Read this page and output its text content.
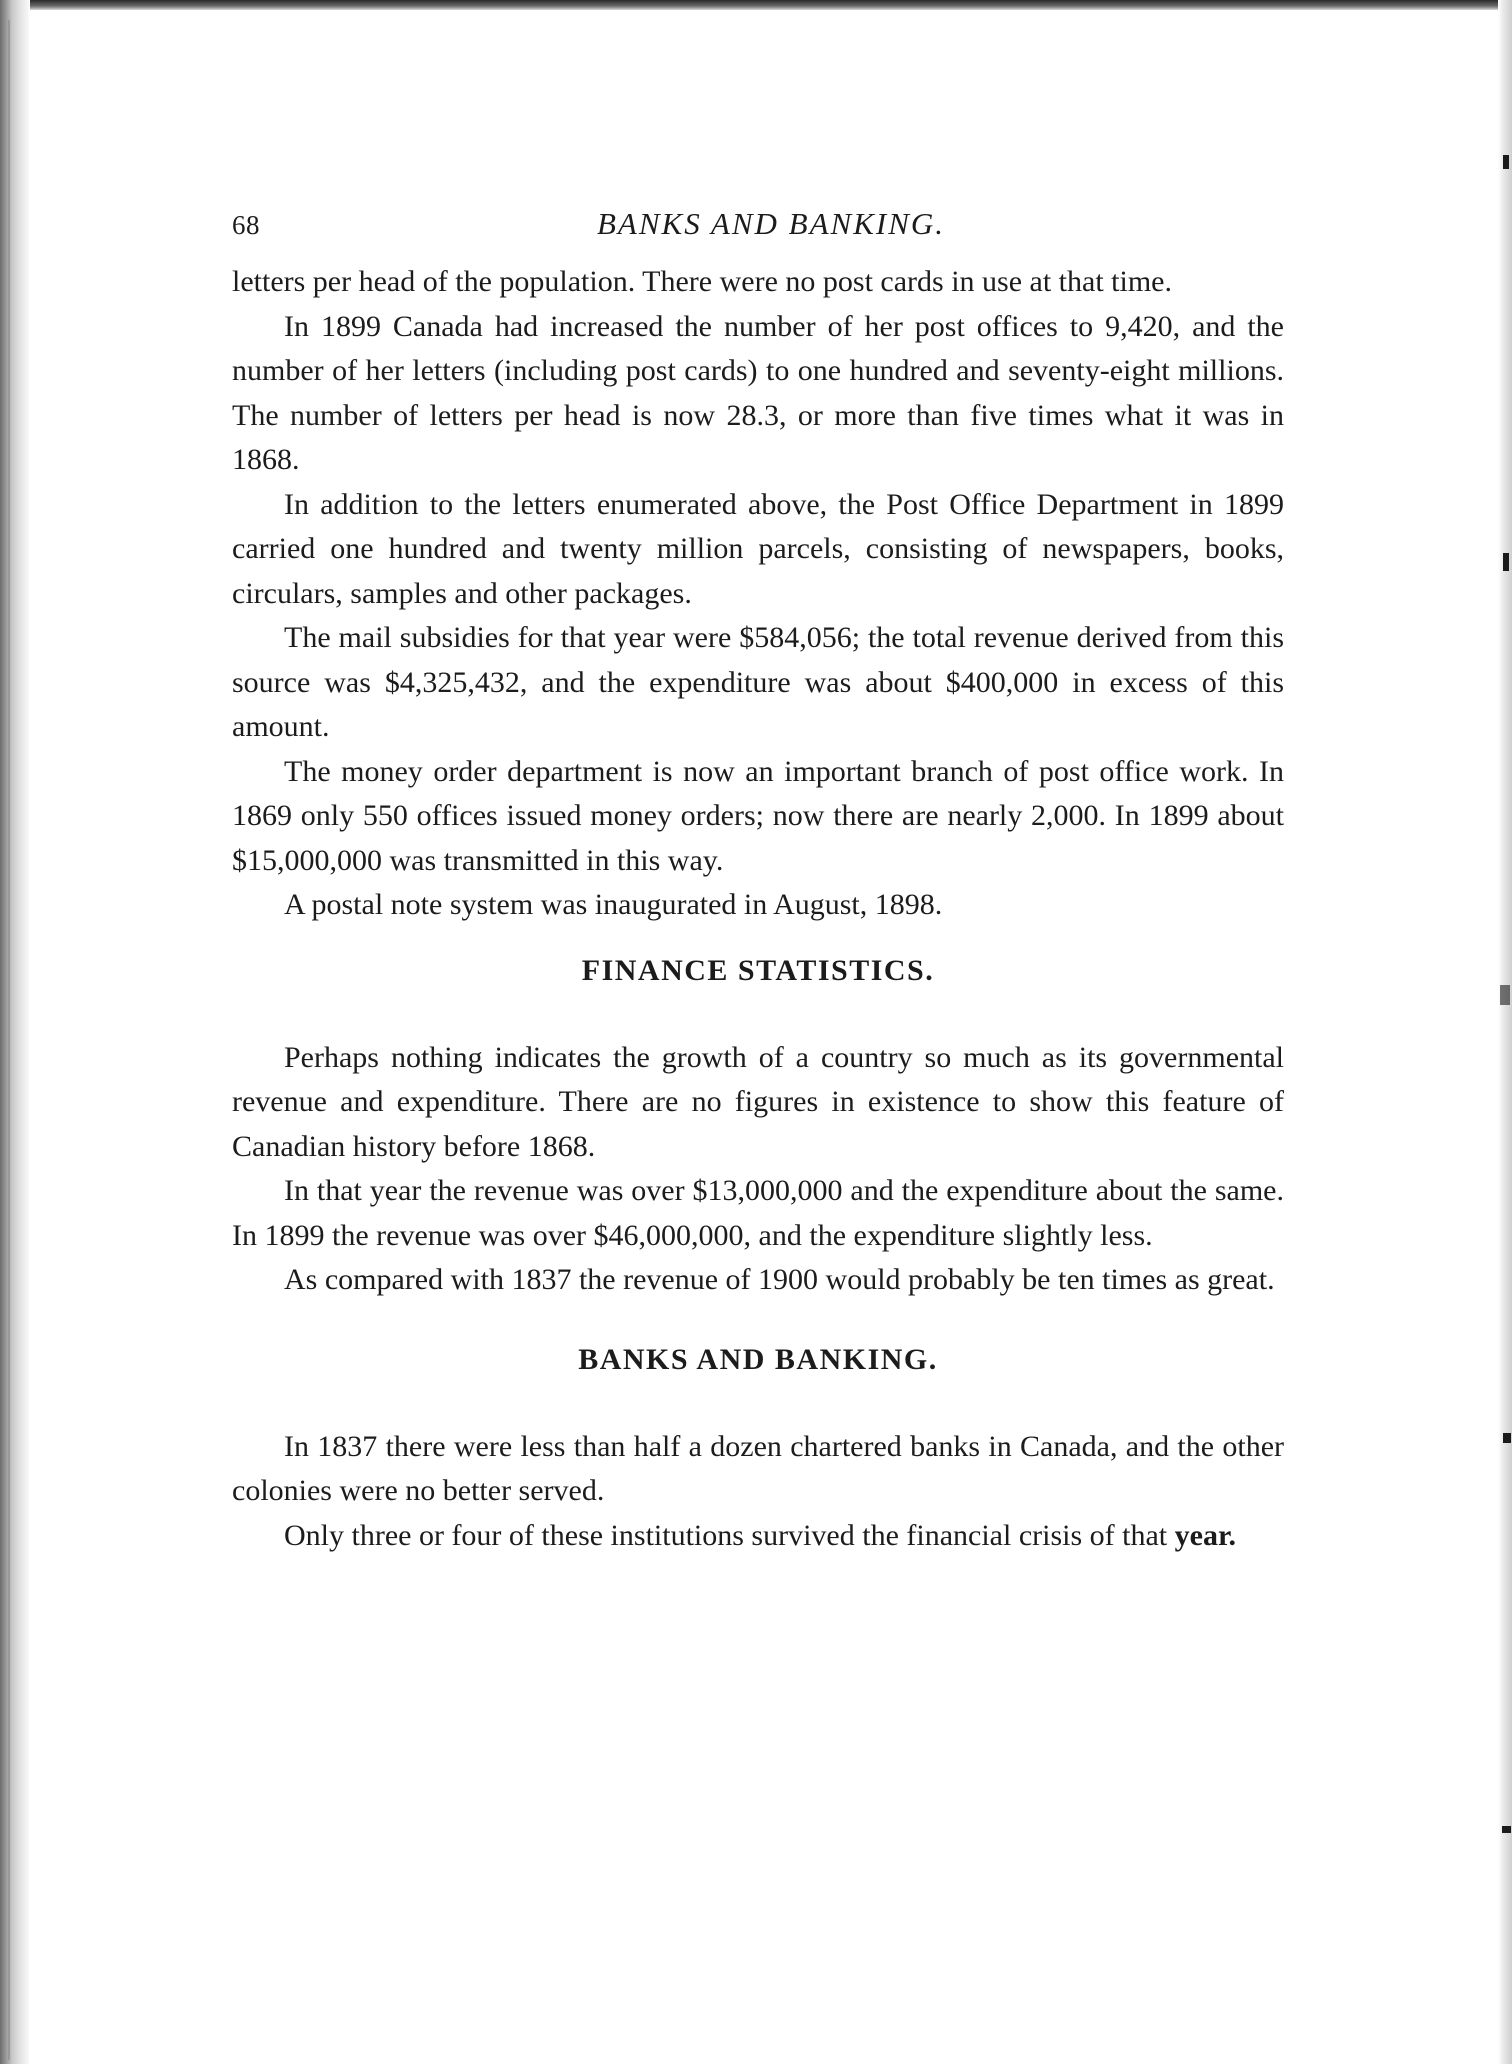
68	BANKS AND BANKING.

letters per head of the population. There were no post cards in use at that time.

In 1899 Canada had increased the number of her post offices to 9,420, and the number of her letters (including post cards) to one hundred and seventy-eight millions. The number of letters per head is now 28.3, or more than five times what it was in 1868.

In addition to the letters enumerated above, the Post Office Department in 1899 carried one hundred and twenty million parcels, consisting of newspapers, books, circulars, samples and other packages.

The mail subsidies for that year were $584,056; the total revenue derived from this source was $4,325,432, and the expenditure was about $400,000 in excess of this amount.

The money order department is now an important branch of post office work. In 1869 only 550 offices issued money orders; now there are nearly 2,000. In 1899 about $15,000,000 was transmitted in this way.

A postal note system was inaugurated in August, 1898.

FINANCE STATISTICS.

Perhaps nothing indicates the growth of a country so much as its governmental revenue and expenditure. There are no figures in existence to show this feature of Canadian history before 1868.

In that year the revenue was over $13,000,000 and the expenditure about the same. In 1899 the revenue was over $46,000,000, and the expenditure slightly less.

As compared with 1837 the revenue of 1900 would probably be ten times as great.

BANKS AND BANKING.

In 1837 there were less than half a dozen chartered banks in Canada, and the other colonies were no better served.

Only three or four of these institutions survived the financial crisis of that year.
